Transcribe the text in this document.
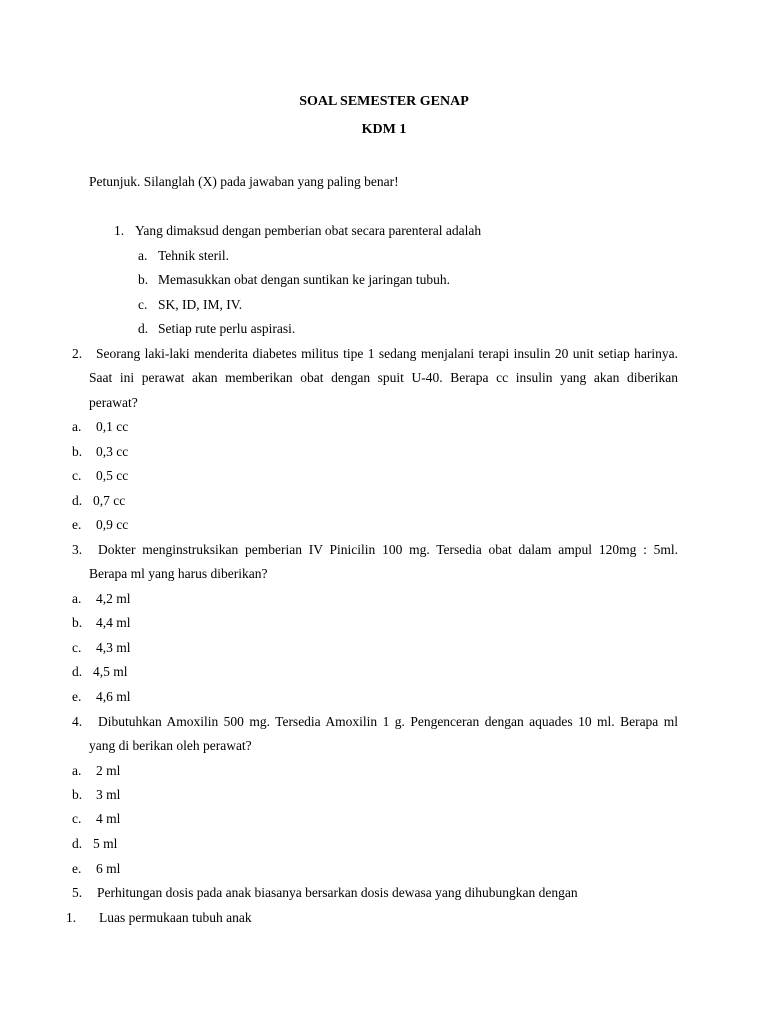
SOAL SEMESTER GENAP
KDM 1
Petunjuk. Silanglah (X) pada jawaban yang paling benar!
1. Yang dimaksud dengan pemberian obat secara parenteral adalah
a. Tehnik steril.
b. Memasukkan obat dengan suntikan ke jaringan tubuh.
c. SK, ID, IM, IV.
d. Setiap rute perlu aspirasi.
2. Seorang laki-laki menderita diabetes militus tipe 1 sedang menjalani terapi insulin 20 unit setiap harinya.
Saat ini perawat akan memberikan obat dengan spuit U-40. Berapa cc insulin yang akan diberikan
perawat?
a. 0,1 cc
b. 0,3 cc
c. 0,5 cc
d. 0,7 cc
e. 0,9 cc
3. Dokter menginstruksikan pemberian IV Pinicilin 100 mg. Tersedia obat dalam ampul 120mg : 5ml.
Berapa ml yang harus diberikan?
a. 4,2 ml
b. 4,4 ml
c. 4,3 ml
d. 4,5 ml
e. 4,6 ml
4. Dibutuhkan Amoxilin 500 mg. Tersedia Amoxilin 1 g. Pengenceran dengan aquades 10 ml. Berapa ml
yang di berikan oleh perawat?
a. 2 ml
b. 3 ml
c. 4 ml
d. 5 ml
e. 6 ml
5. Perhitungan dosis pada anak biasanya bersarkan dosis dewasa yang dihubungkan dengan
1. Luas permukaan tubuh anak
